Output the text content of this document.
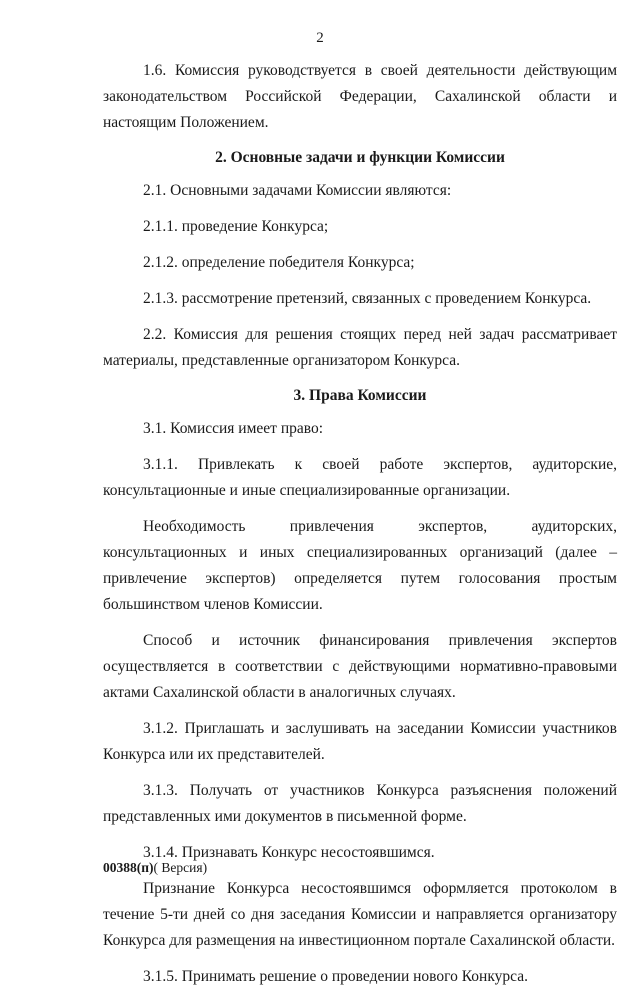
2

1.6. Комиссия руководствуется в своей деятельности действующим законодательством Российской Федерации, Сахалинской области и настоящим Положением.

2. Основные задачи и функции Комиссии

2.1. Основными задачами Комиссии являются:

2.1.1. проведение Конкурса;

2.1.2. определение победителя Конкурса;

2.1.3. рассмотрение претензий, связанных с проведением Конкурса.

2.2. Комиссия для решения стоящих перед ней задач рассматривает материалы, представленные организатором Конкурса.

3. Права Комиссии

3.1. Комиссия имеет право:

3.1.1. Привлекать к своей работе экспертов, аудиторские, консультационные и иные специализированные организации.

Необходимость привлечения экспертов, аудиторских, консультационных и иных специализированных организаций (далее – привлечение экспертов) определяется путем голосования простым большинством членов Комиссии.

Способ и источник финансирования привлечения экспертов осуществляется в соответствии с действующими нормативно-правовыми актами Сахалинской области в аналогичных случаях.

3.1.2. Приглашать и заслушивать на заседании Комиссии участников Конкурса или их представителей.

3.1.3. Получать от участников Конкурса разъяснения положений представленных ими документов в письменной форме.

3.1.4. Признавать Конкурс несостоявшимся.

Признание Конкурса несостоявшимся оформляется протоколом в течение 5-ти дней со дня заседания Комиссии и направляется организатору Конкурса для размещения на инвестиционном портале Сахалинской области.

3.1.5. Принимать решение о проведении нового Конкурса.

00388(п)( Версия)
